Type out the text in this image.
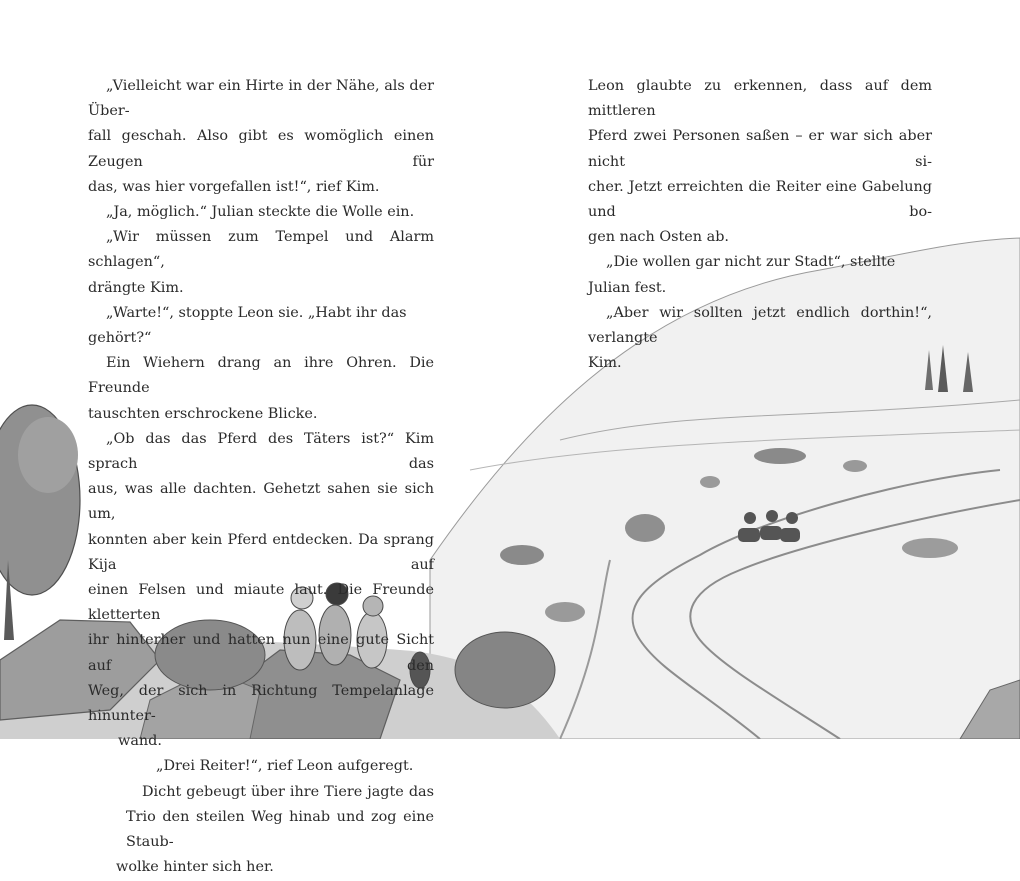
„Vielleicht war ein Hirte in der Nähe, als der Über-

fall geschah. Also gibt es womöglich einen Zeugen für

das, was hier vorgefallen ist!“, rief Kim.

„Ja, möglich.“ Julian steckte die Wolle ein.

„Wir müssen zum Tempel und Alarm schlagen“,

drängte Kim.

„Warte!“, stoppte Leon sie. „Habt ihr das gehört?“

Ein Wiehern drang an ihre Ohren. Die Freunde

tauschten erschrockene Blicke.

„Ob das das Pferd des Täters ist?“ Kim sprach das

aus, was alle dachten. Gehetzt sahen sie sich um,

konnten aber kein Pferd entdecken. Da sprang Kija auf

einen Felsen und miaute laut. Die Freunde kletterten

ihr hinterher und hatten nun eine gute Sicht auf den

Weg, der sich in Richtung Tempelanlage hinunter-

wand.

„Drei Reiter!“, rief Leon aufgeregt.

Dicht gebeugt über ihre Tiere jagte das

Trio den steilen Weg hinab und zog eine Staub-

wolke hinter sich her.

Leon glaubte zu erkennen, dass auf dem mittleren

Pferd zwei Personen saßen – er war sich aber nicht si-

cher. Jetzt erreichten die Reiter eine Gabelung und bo-

gen nach Osten ab.

„Die wollen gar nicht zur Stadt“, stellte Julian fest.

„Aber wir sollten jetzt endlich dorthin!“, verlangte

Kim.
